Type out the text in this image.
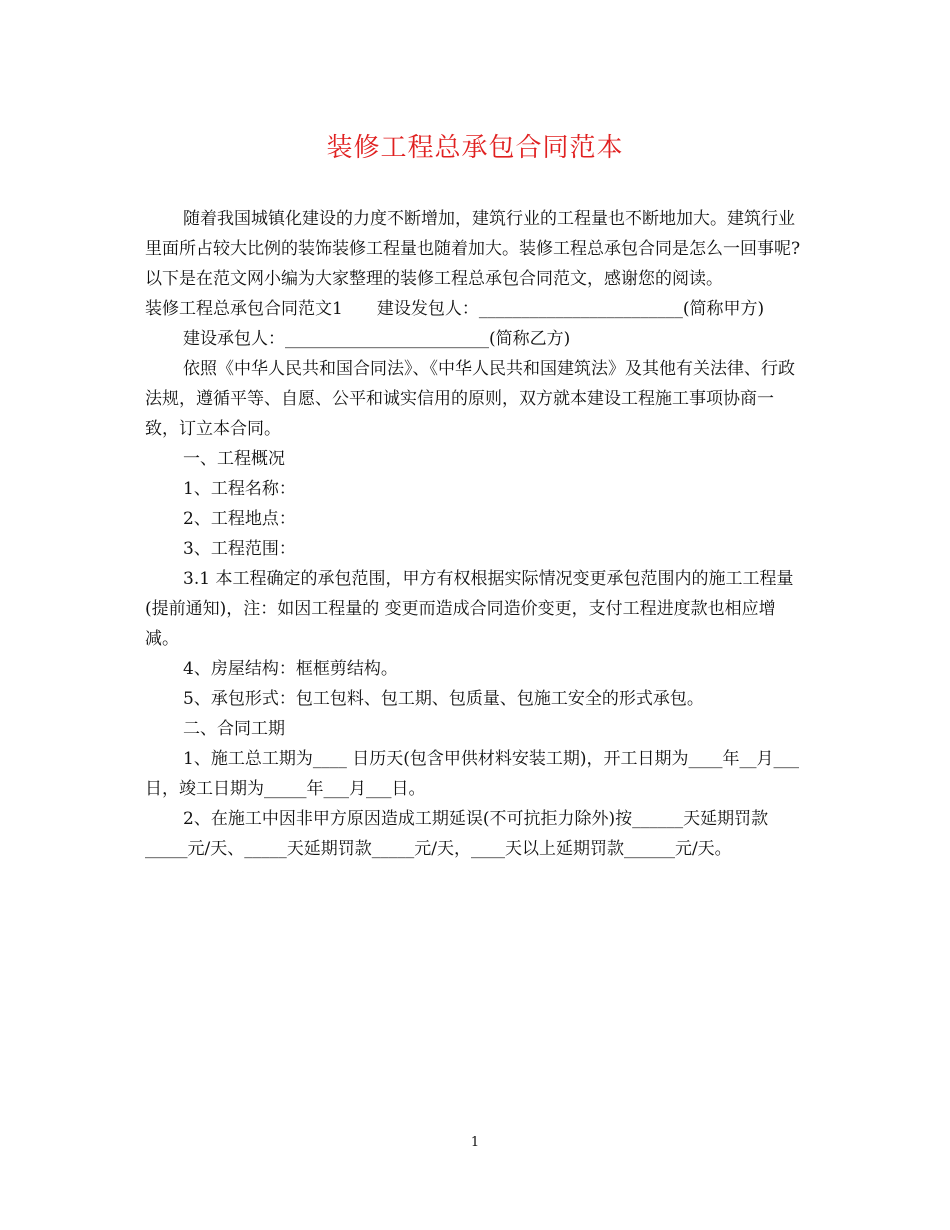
装修工程总承包合同范本

随着我国城镇化建设的力度不断增加，建筑行业的工程量也不断地加大。建筑行业里面所占较大比例的装饰装修工程量也随着加大。装修工程总承包合同是怎么一回事呢?以下是在范文网小编为大家整理的装修工程总承包合同范文，感谢您的阅读。

装修工程总承包合同范文1　　建设发包人：________________________(简称甲方)

建设承包人：________________________(简称乙方)

依照《中华人民共和国合同法》、《中华人民共和国建筑法》及其他有关法律、行政法规，遵循平等、自愿、公平和诚实信用的原则，双方就本建设工程施工事项协商一致，订立本合同。

一、工程概况

1、工程名称：

2、工程地点：

3、工程范围：

3.1 本工程确定的承包范围，甲方有权根据实际情况变更承包范围内的施工工程量(提前通知)，注：如因工程量的 变更而造成合同造价变更，支付工程进度款也相应增减。

4、房屋结构：框框剪结构。

5、承包形式：包工包料、包工期、包质量、包施工安全的形式承包。

二、合同工期

1、施工总工期为____ 日历天(包含甲供材料安装工期)，开工日期为____年__月___日，竣工日期为_____年___月___日。

2、在施工中因非甲方原因造成工期延误(不可抗拒力除外)按______天延期罚款_____元/天、_____天延期罚款_____元/天，____天以上延期罚款______元/天。

1
